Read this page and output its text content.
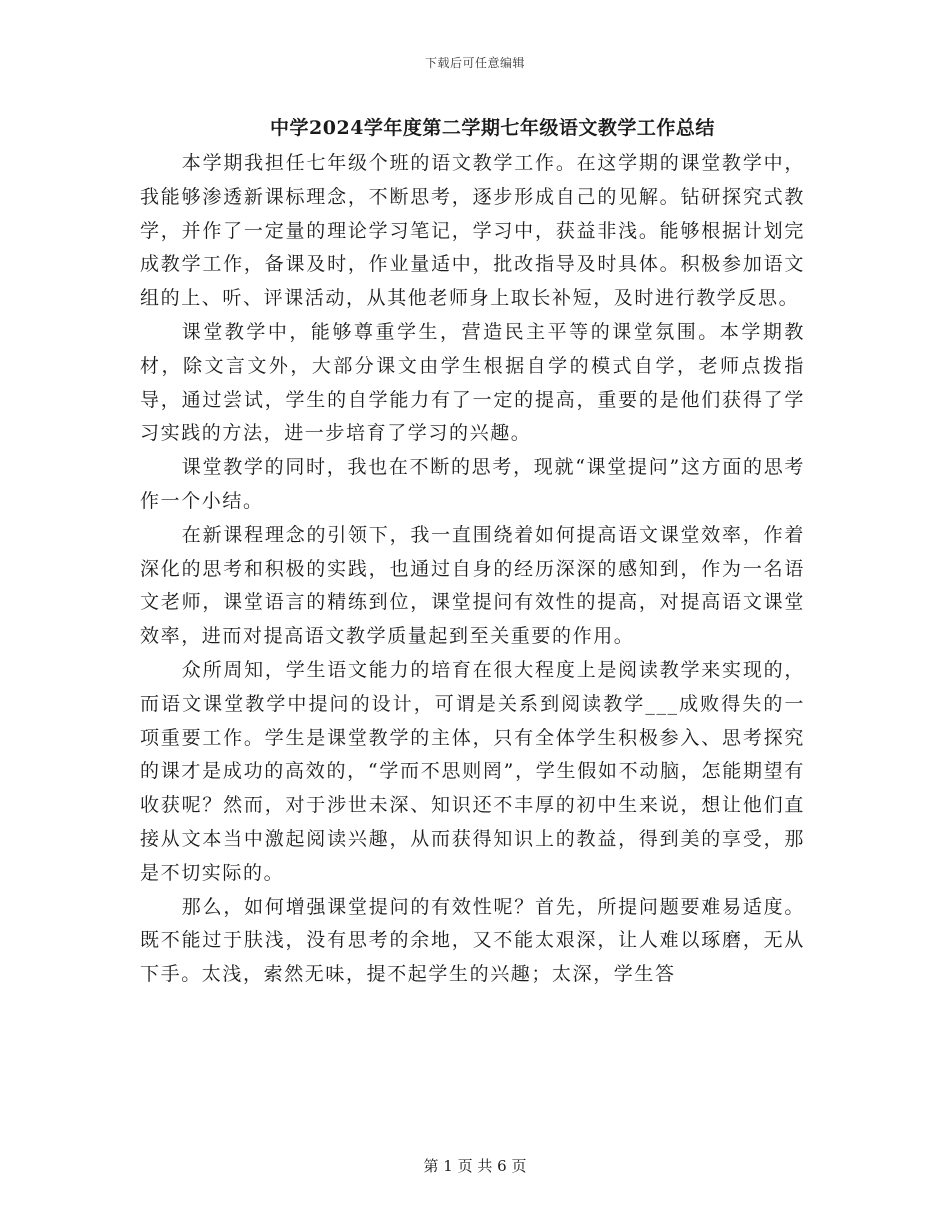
下载后可任意编辑
中学2024学年度第二学期七年级语文教学工作总结

本学期我担任七年级个班的语文教学工作。在这学期的课堂教学中，我能够渗透新课标理念，不断思考，逐步形成自己的见解。钻研探究式教学，并作了一定量的理论学习笔记，学习中，获益非浅。能够根据计划完成教学工作，备课及时，作业量适中，批改指导及时具体。积极参加语文组的上、听、评课活动，从其他老师身上取长补短，及时进行教学反思。

课堂教学中，能够尊重学生，营造民主平等的课堂氛围。本学期教材，除文言文外，大部分课文由学生根据自学的模式自学，老师点拨指导，通过尝试，学生的自学能力有了一定的提高，重要的是他们获得了学习实践的方法，进一步培育了学习的兴趣。

课堂教学的同时，我也在不断的思考，现就“课堂提问”这方面的思考作一个小结。

在新课程理念的引领下，我一直围绕着如何提高语文课堂效率，作着深化的思考和积极的实践，也通过自身的经历深深的感知到，作为一名语文老师，课堂语言的精练到位，课堂提问有效性的提高，对提高语文课堂效率，进而对提高语文教学质量起到至关重要的作用。

众所周知，学生语文能力的培育在很大程度上是阅读教学来实现的，而语文课堂教学中提问的设计，可谓是关系到阅读教学___成败得失的一项重要工作。学生是课堂教学的主体，只有全体学生积极参入、思考探究的课才是成功的高效的，“学而不思则罔”，学生假如不动脑，怎能期望有收获呢？然而，对于涉世未深、知识还不丰厚的初中生来说，想让他们直接从文本当中激起阅读兴趣，从而获得知识上的教益，得到美的享受，那是不切实际的。

那么，如何增强课堂提问的有效性呢？首先，所提问题要难易适度。既不能过于肤浅，没有思考的余地，又不能太艰深，让人难以琢磨，无从下手。太浅，索然无味，提不起学生的兴趣；太深，学生答

第 1 页 共 6 页
